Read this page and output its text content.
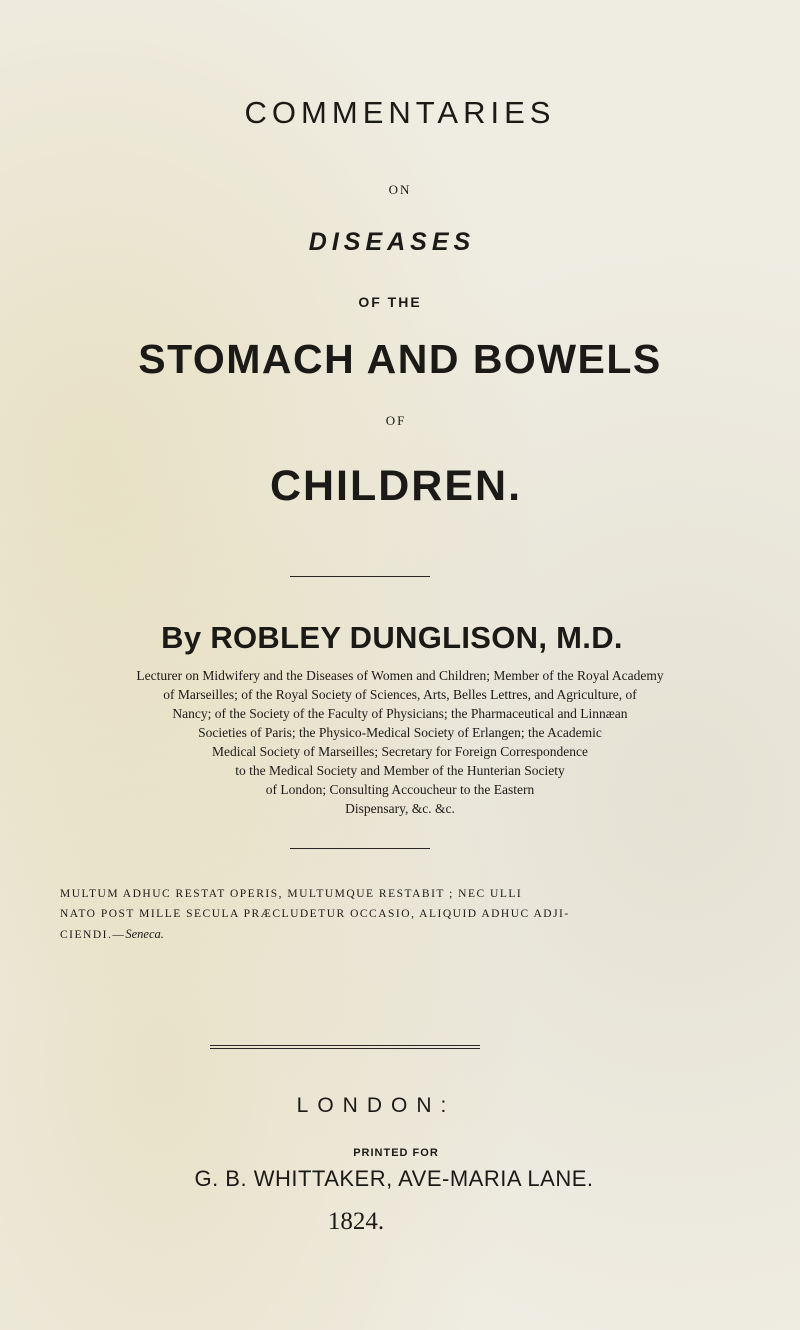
COMMENTARIES
ON
DISEASES
OF THE
STOMACH AND BOWELS
OF
CHILDREN.
By ROBLEY DUNGLISON, M.D.
Lecturer on Midwifery and the Diseases of Women and Children; Member of the Royal Academy
of Marseilles; of the Royal Society of Sciences, Arts, Belles Lettres, and Agriculture, of
Nancy; of the Society of the Faculty of Physicians; the Pharmaceutical and Linnæan
Societies of Paris; the Physico-Medical Society of Erlangen; the Academic
Medical Society of Marseilles; Secretary for Foreign Correspondence
to the Medical Society and Member of the Hunterian Society
of London; Consulting Accoucheur to the Eastern
Dispensary, &c. &c.
MULTUM ADHUC RESTAT OPERIS, MULTUMQUE RESTABIT ; NEC ULLI
NATO POST MILLE SECULA PRÆCLUDETUR OCCASIO, ALIQUID ADHUC ADJI-
CIENDI.—Seneca.
LONDON:
PRINTED FOR
G. B. WHITTAKER, AVE-MARIA LANE.
1824.
